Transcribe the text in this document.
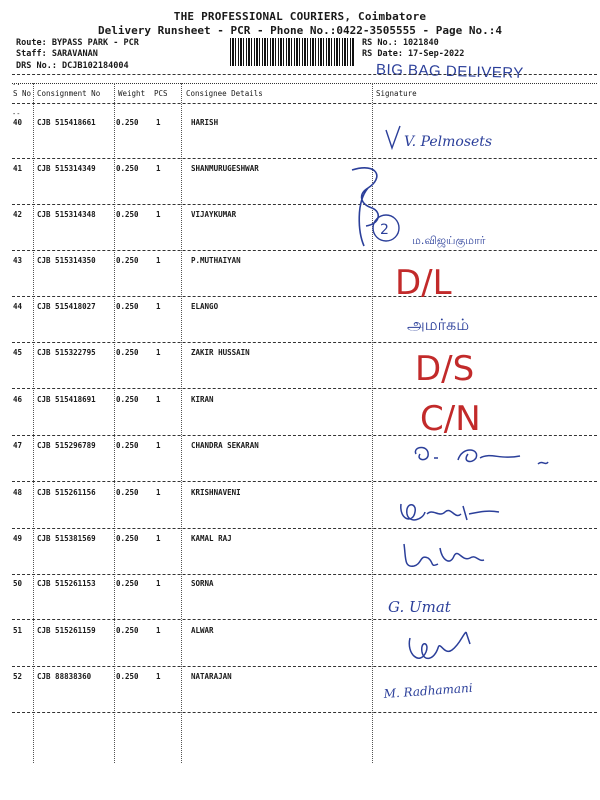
THE PROFESSIONAL COURIERS, Coimbatore
Delivery Runsheet - PCR - Phone No.:0422-3505555 - Page No.:4
Route: BYPASS PARK - PCR
Staff: SARAVANAN
DRS No.: DCJB102184004
RS No.: 1021840
RS Date: 17-Sep-2022
BIG BAG DELIVERY
S No Consignment No Weight PCS Consignee Details	Signature
..
--
40 CJB 515418661	0.250 1	HARISH
41 CJB 515314349	0.250 1	SHANMURUGESHWAR
42 CJB 515314348	0.250 1	VIJAYKUMAR
43 CJB 515314350	0.250 1	P.MUTHAIYAN
44 CJB 515418027	0.250 1	ELANGO
45 CJB 515322795	0.250 1	ZAKIR HUSSAIN
46 CJB 515418691	0.250 1	KIRAN
47 CJB 515296789	0.250 1	CHANDRA SEKARAN
48 CJB 515261156	0.250 1	KRISHNAVENI
49 CJB 515381569	0.250 1	KAMAL RAJ
50 CJB 515261153	0.250 1	SORNA
51 CJB 515261159	0.250 1	ALWAR
52 CJB 88838360	0.250 1	NATARAJAN
V. Pelmosets
2
ம.விஜய்குமார்
D/L
அமர்கம்
D/S
C/N
G. Umat
M. Radhamani
